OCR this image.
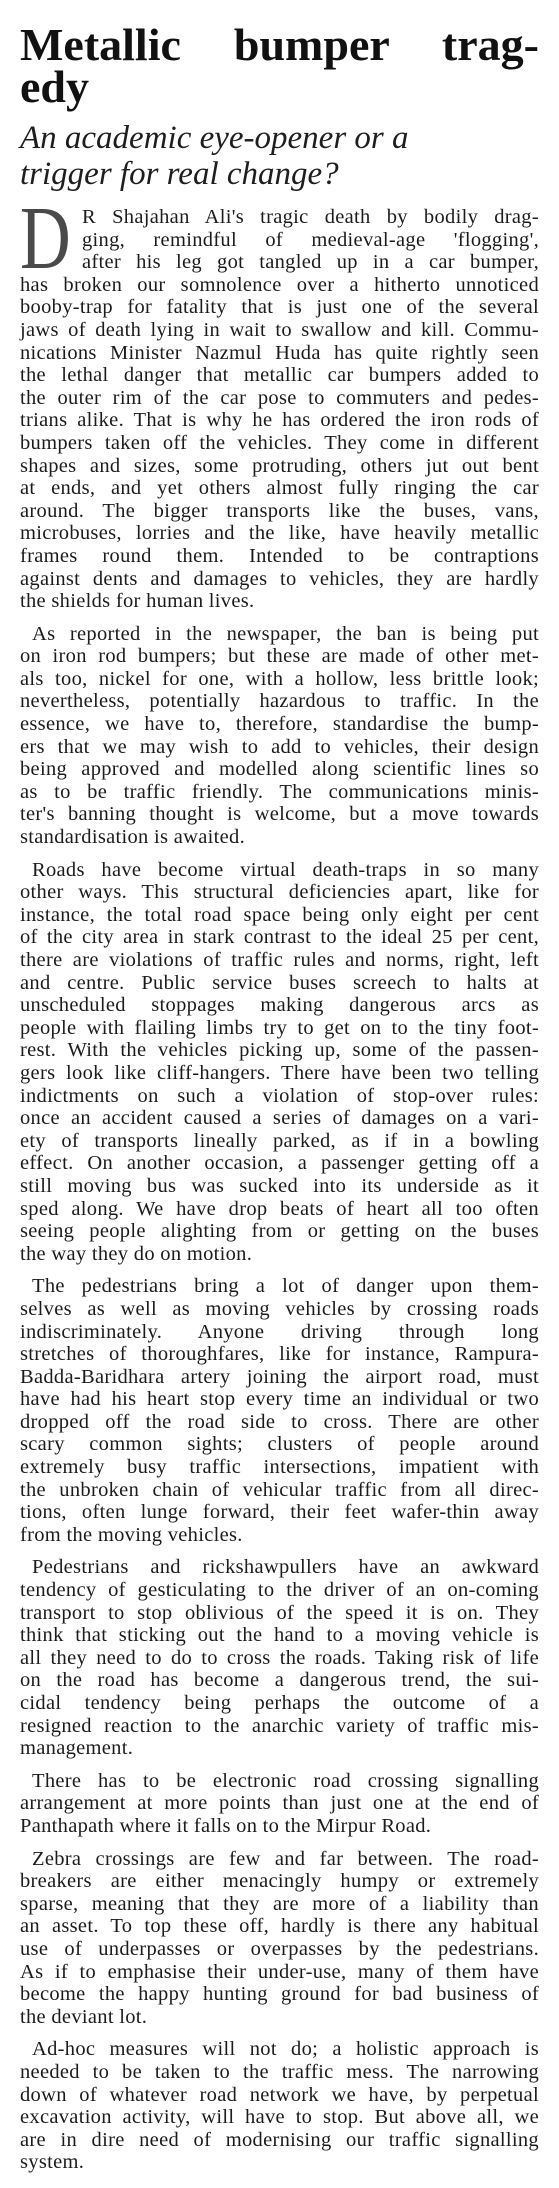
Metallic bumper trag-
edy
An academic eye-opener or a
trigger for real change?
D R Shajahan Ali's tragic death by bodily drag-
ging, remindful of medieval-age 'flogging',
after his leg got tangled up in a car bumper,
has broken our somnolence over a hitherto unnoticed
booby-trap for fatality that is just one of the several
jaws of death lying in wait to swallow and kill. Commu-
nications Minister Nazmul Huda has quite rightly seen
the lethal danger that metallic car bumpers added to
the outer rim of the car pose to commuters and pedes-
trians alike. That is why he has ordered the iron rods of
bumpers taken off the vehicles. They come in different
shapes and sizes, some protruding, others jut out bent
at ends, and yet others almost fully ringing the car
around. The bigger transports like the buses, vans,
microbuses, lorries and the like, have heavily metallic
frames round them. Intended to be contraptions
against dents and damages to vehicles, they are hardly
the shields for human lives.
As reported in the newspaper, the ban is being put
on iron rod bumpers; but these are made of other met-
als too, nickel for one, with a hollow, less brittle look;
nevertheless, potentially hazardous to traffic. In the
essence, we have to, therefore, standardise the bump-
ers that we may wish to add to vehicles, their design
being approved and modelled along scientific lines so
as to be traffic friendly. The communications minis-
ter's banning thought is welcome, but a move towards
standardisation is awaited.
Roads have become virtual death-traps in so many
other ways. This structural deficiencies apart, like for
instance, the total road space being only eight per cent
of the city area in stark contrast to the ideal 25 per cent,
there are violations of traffic rules and norms, right, left
and centre. Public service buses screech to halts at
unscheduled stoppages making dangerous arcs as
people with flailing limbs try to get on to the tiny foot-
rest. With the vehicles picking up, some of the passen-
gers look like cliff-hangers. There have been two telling
indictments on such a violation of stop-over rules:
once an accident caused a series of damages on a vari-
ety of transports lineally parked, as if in a bowling
effect. On another occasion, a passenger getting off a
still moving bus was sucked into its underside as it
sped along. We have drop beats of heart all too often
seeing people alighting from or getting on the buses
the way they do on motion.
The pedestrians bring a lot of danger upon them-
selves as well as moving vehicles by crossing roads
indiscriminately. Anyone driving through long
stretches of thoroughfares, like for instance, Rampura-
Badda-Baridhara artery joining the airport road, must
have had his heart stop every time an individual or two
dropped off the road side to cross. There are other
scary common sights; clusters of people around
extremely busy traffic intersections, impatient with
the unbroken chain of vehicular traffic from all direc-
tions, often lunge forward, their feet wafer-thin away
from the moving vehicles.
Pedestrians and rickshawpullers have an awkward
tendency of gesticulating to the driver of an on-coming
transport to stop oblivious of the speed it is on. They
think that sticking out the hand to a moving vehicle is
all they need to do to cross the roads. Taking risk of life
on the road has become a dangerous trend, the sui-
cidal tendency being perhaps the outcome of a
resigned reaction to the anarchic variety of traffic mis-
management.
There has to be electronic road crossing signalling
arrangement at more points than just one at the end of
Panthapath where it falls on to the Mirpur Road.
Zebra crossings are few and far between. The road-
breakers are either menacingly humpy or extremely
sparse, meaning that they are more of a liability than
an asset. To top these off, hardly is there any habitual
use of underpasses or overpasses by the pedestrians.
As if to emphasise their under-use, many of them have
become the happy hunting ground for bad business of
the deviant lot.
Ad-hoc measures will not do; a holistic approach is
needed to be taken to the traffic mess. The narrowing
down of whatever road network we have, by perpetual
excavation activity, will have to stop. But above all, we
are in dire need of modernising our traffic signalling
system.
